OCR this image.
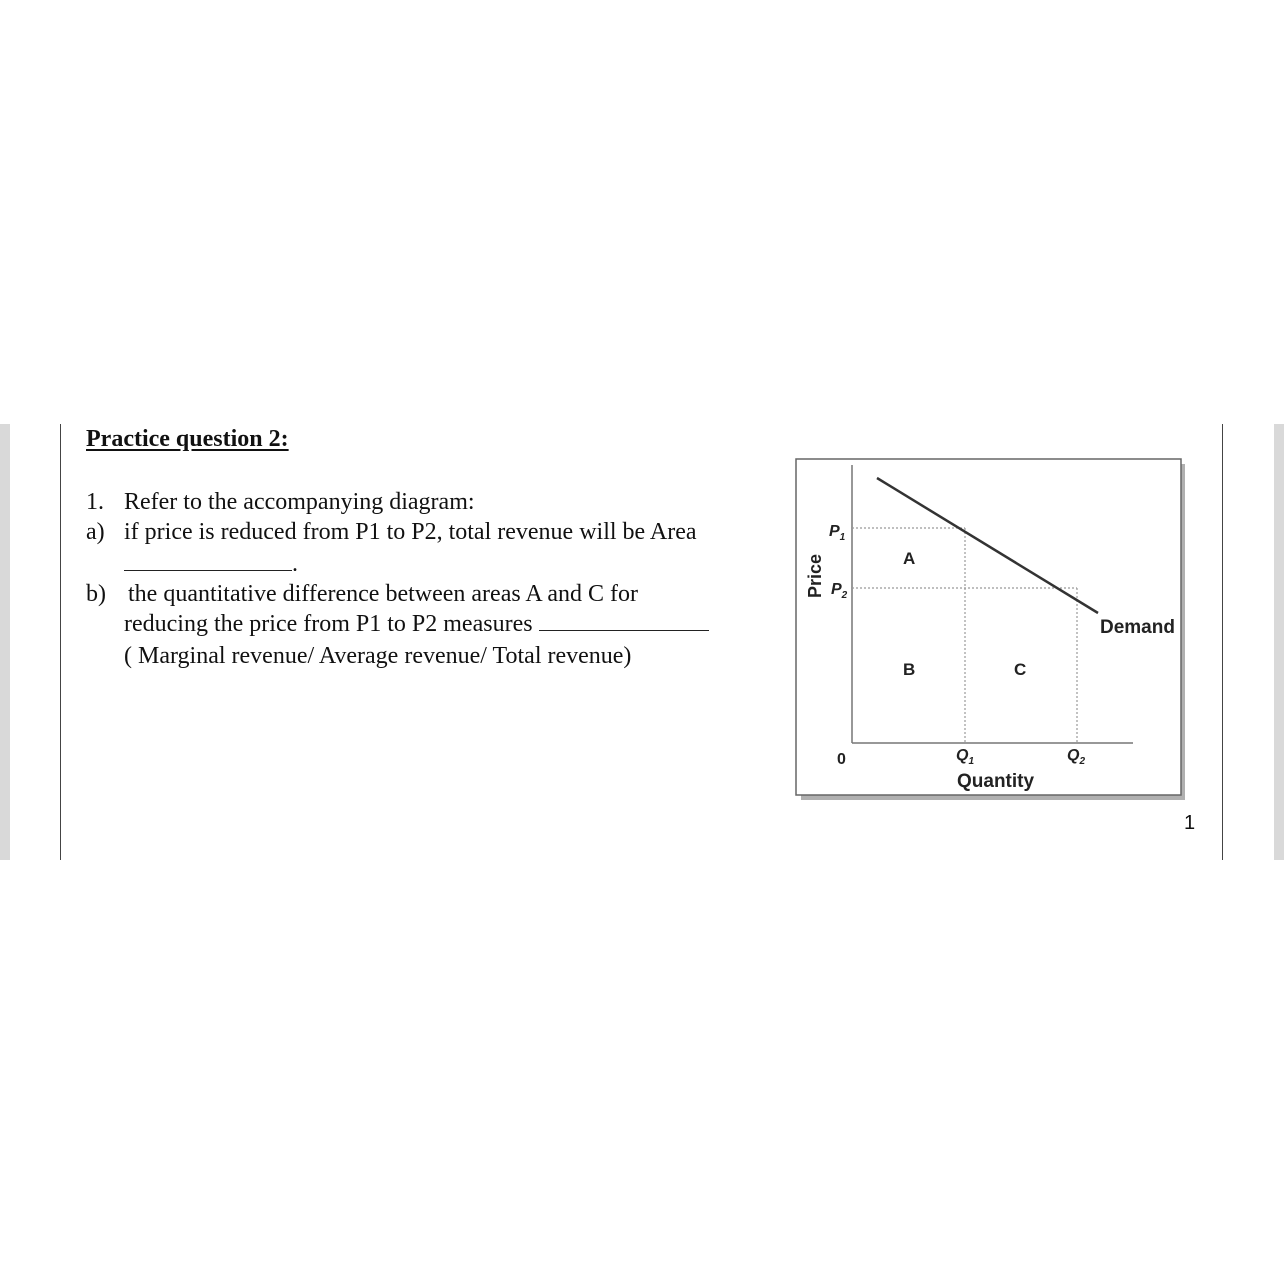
Practice question 2:
1. Refer to the accompanying diagram:
a) if price is reduced from P1 to P2, total revenue will be Area
.
b) the quantitative difference between areas A and C for
reducing the price from P1 to P2 measures
( Marginal revenue/ Average revenue/ Total revenue)
Price
$P_1$
$P_2$
A
B	C
Demand
0	$Q_1$	$Q_2$
Quantity
1
